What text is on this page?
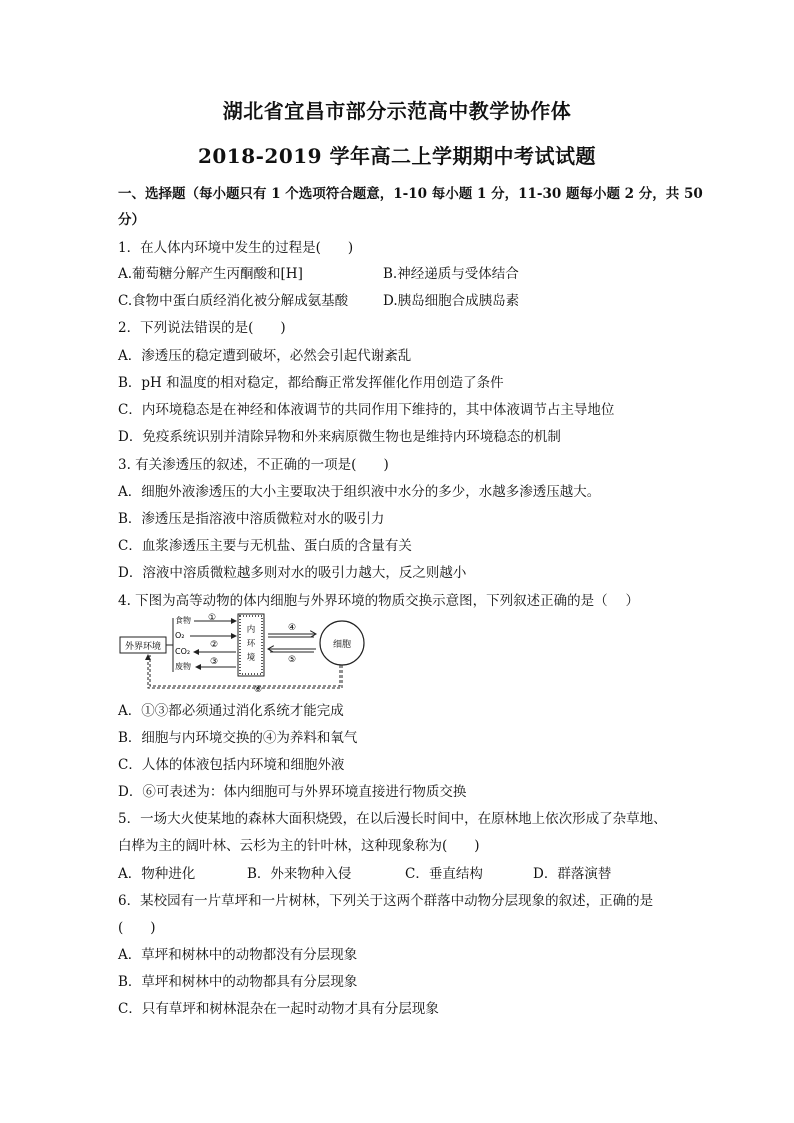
湖北省宜昌市部分示范高中教学协作体
2018-2019 学年高二上学期期中考试试题
一、选择题（每小题只有 1 个选项符合题意，1-10 每小题 1 分，11-30 题每小题 2 分，共 50
分）
1．在人体内环境中发生的过程是(　　)
A.葡萄糖分解产生丙酮酸和[H]	B.神经递质与受体结合
C.食物中蛋白质经消化被分解成氨基酸	D.胰岛细胞合成胰岛素
2．下列说法错误的是(　　)
A．渗透压的稳定遭到破坏，必然会引起代谢紊乱
B．pH 和温度的相对稳定，都给酶正常发挥催化作用创造了条件
C．内环境稳态是在神经和体液调节的共同作用下维持的，其中体液调节占主导地位
D．免疫系统识别并清除异物和外来病原微生物也是维持内环境稳态的机制
3. 有关渗透压的叙述，不正确的一项是(　　)
A．细胞外液渗透压的大小主要取决于组织液中水分的多少，水越多渗透压越大。
B．渗透压是指溶液中溶质微粒对水的吸引力
C．血浆渗透压主要与无机盐、蛋白质的含量有关
D．溶液中溶质微粒越多则对水的吸引力越大，反之则越小
4. 下图为高等动物的体内细胞与外界环境的物质交换示意图，下列叙述正确的是（　 ）
外界环境
食物
O₂
CO₂
废物
①
②
③
内环境
④
⑤
细胞
⑥
A．①③都必须通过消化系统才能完成
B．细胞与内环境交换的④为养料和氧气
C．人体的体液包括内环境和细胞外液
D．⑥可表述为：体内细胞可与外界环境直接进行物质交换
5．一场大火使某地的森林大面积烧毁，在以后漫长时间中，在原林地上依次形成了杂草地、
白桦为主的阔叶林、云杉为主的针叶林，这种现象称为(　　)
A．物种进化	B．外来物种入侵	C．垂直结构	D．群落演替
6．某校园有一片草坪和一片树林，下列关于这两个群落中动物分层现象的叙述，正确的是
(　　)
A．草坪和树林中的动物都没有分层现象
B．草坪和树林中的动物都具有分层现象
C．只有草坪和树林混杂在一起时动物才具有分层现象
